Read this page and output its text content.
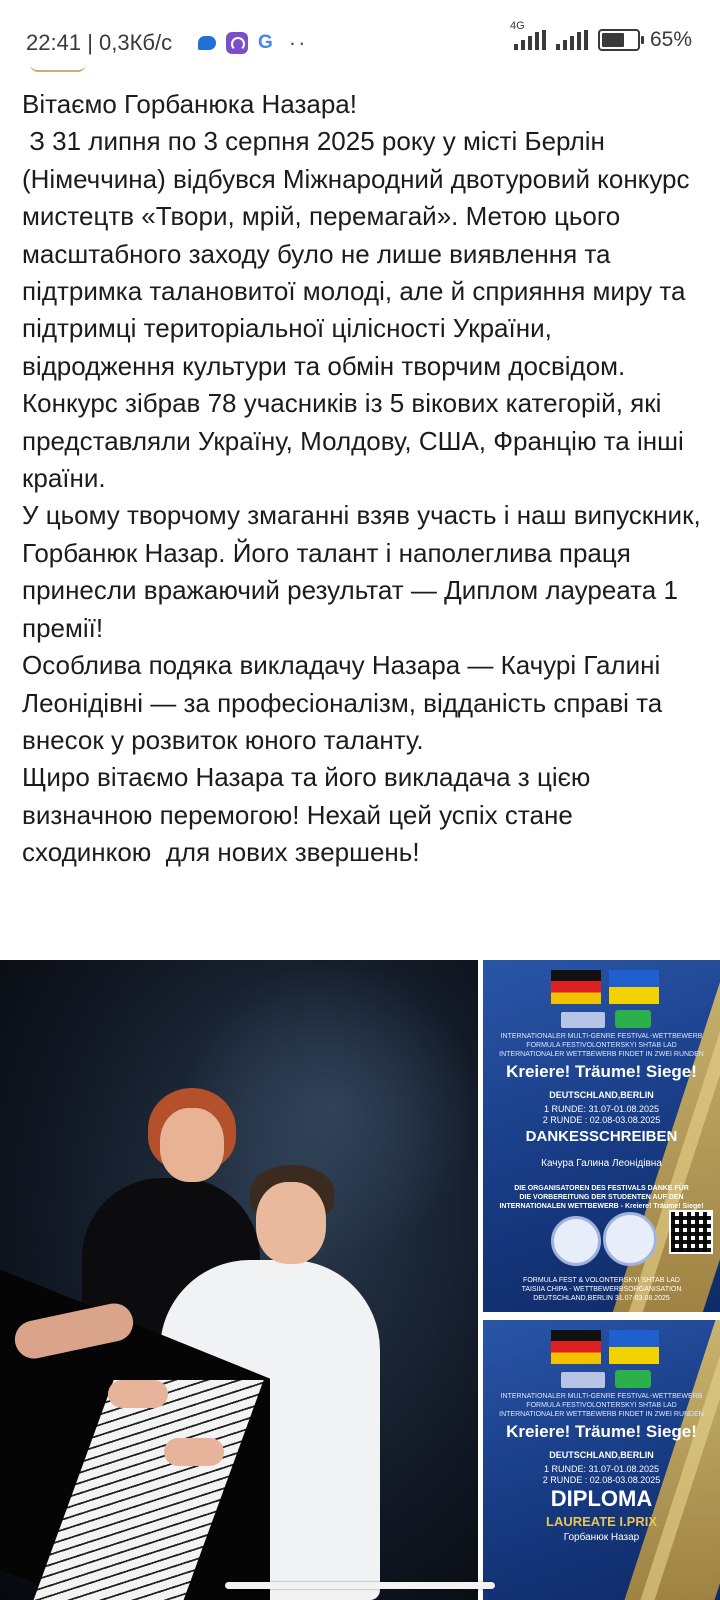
22:41 | 0,3Кб/с	G ··
4G
65%

Вітаємо Горбанюка Назара!

З 31 липня по 3 серпня 2025 року у місті Берлін (Німеччина) відбувся Міжнародний двотуровий конкурс мистецтв «Твори, мрій, перемагай». Метою цього масштабного заходу було не лише виявлення та підтримка талановитої молоді, але й сприяння миру та підтримці територіальної цілісності України, відродження культури та обмін творчим досвідом. Конкурс зібрав 78 учасників із 5 вікових категорій, які представляли Україну, Молдову, США, Францію та інші країни.

У цьому творчому змаганні взяв участь і наш випускник, Горбанюк Назар. Його талант і наполеглива праця принесли вражаючий результат — Диплом лауреата 1 премії!

Особлива подяка викладачу Назара — Качурі Галині Леонідівні — за професіоналізм, відданість справі та внесок у розвиток юного таланту.

Щиро вітаємо Назара та його викладача з цією визначною перемогою! Нехай цей успіх стане сходинкою  для нових звершень!

INTERNATIONALER MULTI-GENRE FESTIVAL-WETTBEWERB
FORMULA FESTIVOLONTERSKYI SHTAB LAD
INTERNATIONALER WETTBEWERB FINDET IN ZWEI RUNDEN
Kreiere! Träume! Siege!
DEUTSCHLAND,BERLIN
1 RUNDE: 31.07-01.08.2025
2 RUNDE : 02.08-03.08.2025
DANKESSCHREIBEN
Качура Галина Леонідівна
DIE ORGANISATOREN DES FESTIVALS DANKE FÜR
DIE VORBEREITUNG DER STUDENTEN AUF DEN
INTERNATIONALEN WETTBEWERB - Kreiere! Träume! Siege!
FORMULA FEST & VOLONTERSKYI SHTAB LAD
TAISIIA CHIPA - WETTBEWERBSORGANISATION
DEUTSCHLAND,BERLIN 31.07-03.08.2025
INTERNATIONALER MULTI-GENRE FESTIVAL-WETTBEWERB
FORMULA FESTIVOLONTERSKYI SHTAB LAD
INTERNATIONALER WETTBEWERB FINDET IN ZWEI RUNDEN
Kreiere! Träume! Siege!
DEUTSCHLAND,BERLIN
1 RUNDE: 31.07-01.08.2025
2 RUNDE : 02.08-03.08.2025
DIPLOMA
LAUREATE I.PRIX
Горбанюк Назар
